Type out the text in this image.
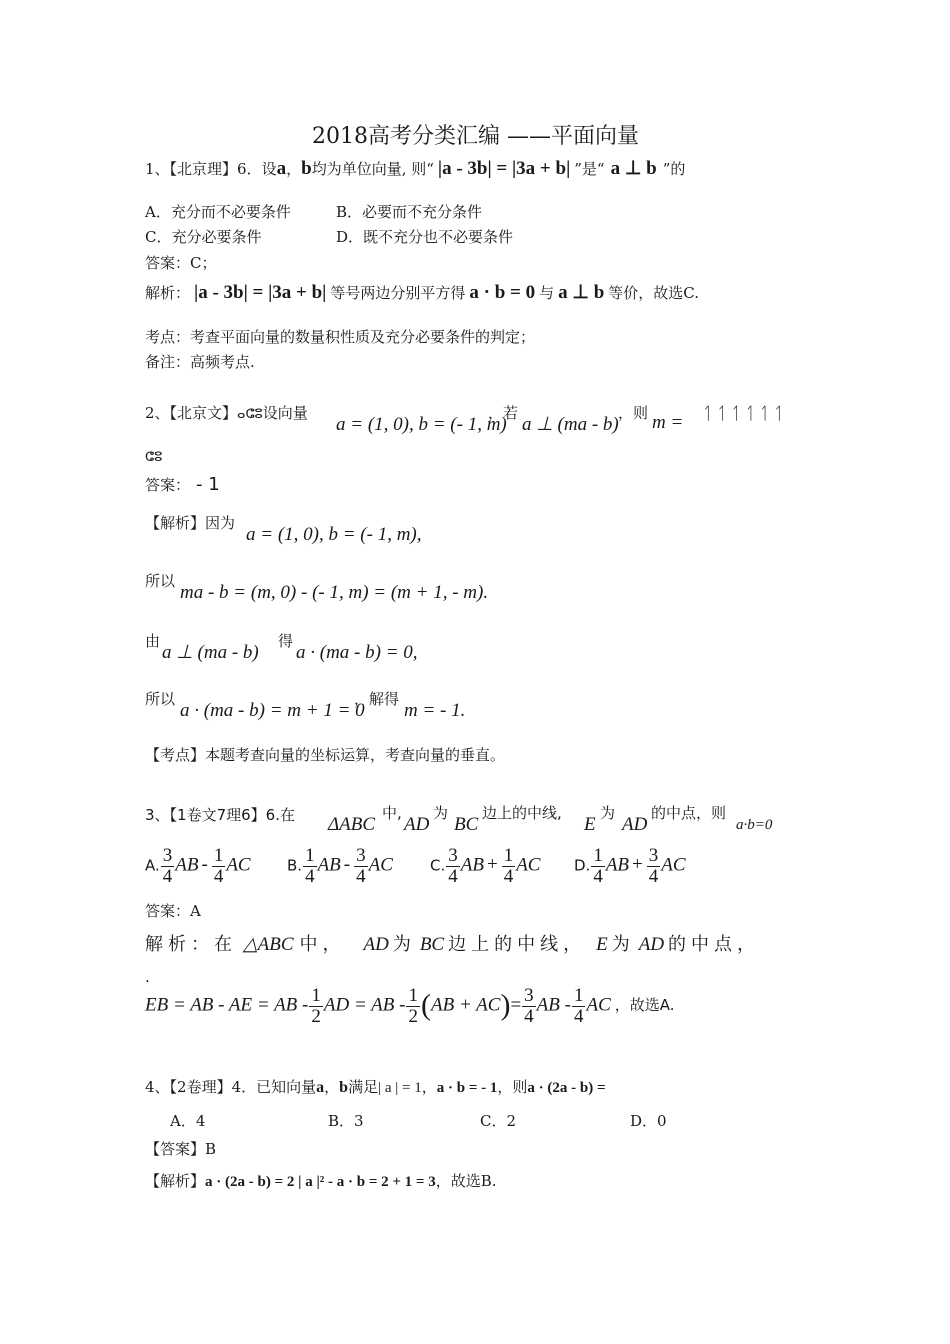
2018高考分类汇编 ——平面向量
1、【北京理】6．设a，b均为单位向量, 则“ |a - 3b| = |3a + b| ”是“ a ⊥ b ”的
A．充分而不必要条件	B．必要而不充分条件
C．充分必要条件	D．既不充分也不必要条件
答案：C；
解析： |a - 3b| = |3a + b| 等号两边分别平方得 a · b = 0 与 a ⊥ b 等价，故选C.
考点：考查平面向量的数量积性质及充分必要条件的判定；
备注：高频考点.
2、【北京文】ⴰⵛⵓ设向量
a = (1, 0), b = (- 1, m)
，若
a ⊥ (ma - b)
，则 m = ᛐᛐᛐᛐᛐᛐ
ⵛⵓ
答案： - 1
【解析】因为
a = (1, 0), b = (- 1, m),
所以
ma - b = (m, 0) - (- 1, m) = (m + 1, - m).
由
a ⊥ (ma - b)
得
a · (ma - b) = 0,
所以
a · (ma - b) = m + 1 = 0
，解得
m = - 1.
【考点】本题考查向量的坐标运算，考查向量的垂直。
3、【1卷文7理6】6.在 ΔABC
中,
AD
为
BC
边上的中线,
E
为
AD
的中点，则
a·b=0
A. $\frac{3}{4}$ AB - $\frac{1}{4}$ AC B. $\frac{1}{4}$ AB - $\frac{3}{4}$ AC C. $\frac{3}{4}$ AB + $\frac{1}{4}$ AC D. $\frac{1}{4}$ AB + $\frac{3}{4}$ AC
答案：A
解析：在 △ABC 中， AD 为 BC 边上的中线， E 为 AD 的中点，
.
EB = AB - AE = AB - $\frac{1}{2}$ AD = AB - $\frac{1}{2} (AB + AC)= \frac{3}{4}$ AB - $\frac{1}{4}$ AC ，故选A.
4、【2卷理】4．已知向量a，b满足| a | = 1，a · b = - 1，则a · (2a - b) =
A．4	B．3	C．2	D．0
【答案】B
【解析】a · (2a - b) = 2 | a |² - a · b = 2 + 1 = 3，故选B.
